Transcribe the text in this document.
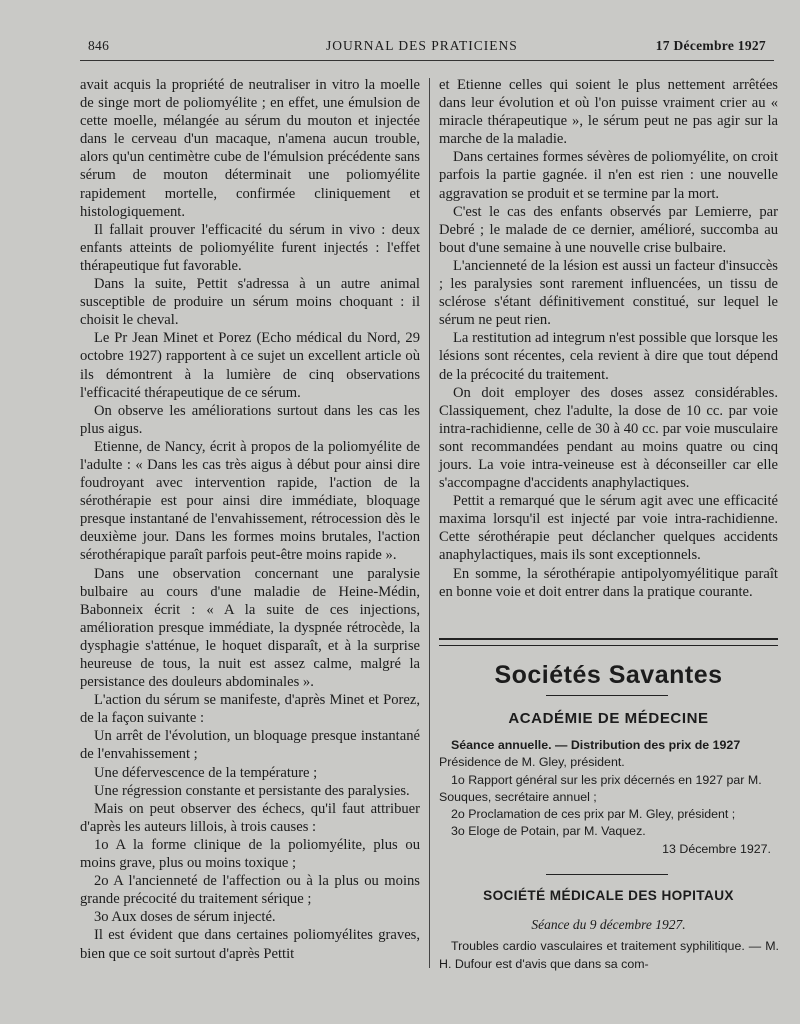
846	JOURNAL DES PRATICIENS	17 Décembre 1927

avait acquis la propriété de neutraliser in vitro la moelle de singe mort de poliomyélite ; en effet, une émulsion de cette moelle, mélangée au sérum du mouton et injectée dans le cerveau d'un macaque, n'amena aucun trouble, alors qu'un centimètre cube de l'émulsion précédente sans sérum de mouton déterminait une poliomyélite rapidement mortelle, confirmée cliniquement et histologiquement.

Il fallait prouver l'efficacité du sérum in vivo : deux enfants atteints de poliomyélite furent injectés : l'effet thérapeutique fut favorable.

Dans la suite, Pettit s'adressa à un autre animal susceptible de produire un sérum moins choquant : il choisit le cheval.

Le Pr Jean Minet et Porez (Echo médical du Nord, 29 octobre 1927) rapportent à ce sujet un excellent article où ils démontrent à la lumière de cinq observations l'efficacité thérapeutique de ce sérum.

On observe les améliorations surtout dans les cas les plus aigus.

Etienne, de Nancy, écrit à propos de la poliomyélite de l'adulte : « Dans les cas très aigus à début pour ainsi dire foudroyant avec intervention rapide, l'action de la sérothérapie est pour ainsi dire immédiate, bloquage presque instantané de l'envahissement, rétrocession dès le deuxième jour. Dans les formes moins brutales, l'action sérothérapique paraît parfois peut-être moins rapide ».

Dans une observation concernant une paralysie bulbaire au cours d'une maladie de Heine-Médin, Babonneix écrit : « A la suite de ces injections, amélioration presque immédiate, la dyspnée rétrocède, la dysphagie s'atténue, le hoquet disparaît, et à la surprise heureuse de tous, la nuit est assez calme, malgré la persistance des douleurs abdominales ».

L'action du sérum se manifeste, d'après Minet et Porez, de la façon suivante :

Un arrêt de l'évolution, un bloquage presque instantané de l'envahissement ;

Une défervescence de la température ;

Une régression constante et persistante des paralysies.

Mais on peut observer des échecs, qu'il faut attribuer d'après les auteurs lillois, à trois causes :

1o A la forme clinique de la poliomyélite, plus ou moins grave, plus ou moins toxique ;

2o A l'ancienneté de l'affection ou à la plus ou moins grande précocité du traitement sérique ;

3o Aux doses de sérum injecté.

Il est évident que dans certaines poliomyélites graves, bien que ce soit surtout d'après Pettit

et Etienne celles qui soient le plus nettement arrêtées dans leur évolution et où l'on puisse vraiment crier au « miracle thérapeutique », le sérum peut ne pas agir sur la marche de la maladie.

Dans certaines formes sévères de poliomyélite, on croit parfois la partie gagnée. il n'en est rien : une nouvelle aggravation se produit et se termine par la mort.

C'est le cas des enfants observés par Lemierre, par Debré ; le malade de ce dernier, amélioré, succomba au bout d'une semaine à une nouvelle crise bulbaire.

L'ancienneté de la lésion est aussi un facteur d'insuccès ; les paralysies sont rarement influencées, un tissu de sclérose s'étant définitivement constitué, sur lequel le sérum ne peut rien.

La restitution ad integrum n'est possible que lorsque les lésions sont récentes, cela revient à dire que tout dépend de la précocité du traitement.

On doit employer des doses assez considérables. Classiquement, chez l'adulte, la dose de 10 cc. par voie intra-rachidienne, celle de 30 à 40 cc. par voie musculaire sont recommandées pendant au moins quatre ou cinq jours. La voie intra-veineuse est à déconseiller car elle s'accompagne d'accidents anaphylactiques.

Pettit a remarqué que le sérum agit avec une efficacité maxima lorsqu'il est injecté par voie intra-rachidienne. Cette sérothérapie peut déclancher quelques accidents anaphylactiques, mais ils sont exceptionnels.

En somme, la sérothérapie antipolyomyélitique paraît en bonne voie et doit entrer dans la pratique courante.

Sociétés Savantes
ACADÉMIE DE MÉDECINE

Séance annuelle. — Distribution des prix de 1927

Présidence de M. Gley, président.

1o Rapport général sur les prix décernés en 1927 par M. Souques, secrétaire annuel ;

2o Proclamation de ces prix par M. Gley, président ;

3o Eloge de Potain, par M. Vaquez.

13 Décembre 1927.

SOCIÉTÉ MÉDICALE DES HOPITAUX
Séance du 9 décembre 1927.

Troubles cardio vasculaires et traitement syphilitique. — M. H. Dufour est d'avis que dans sa com-
